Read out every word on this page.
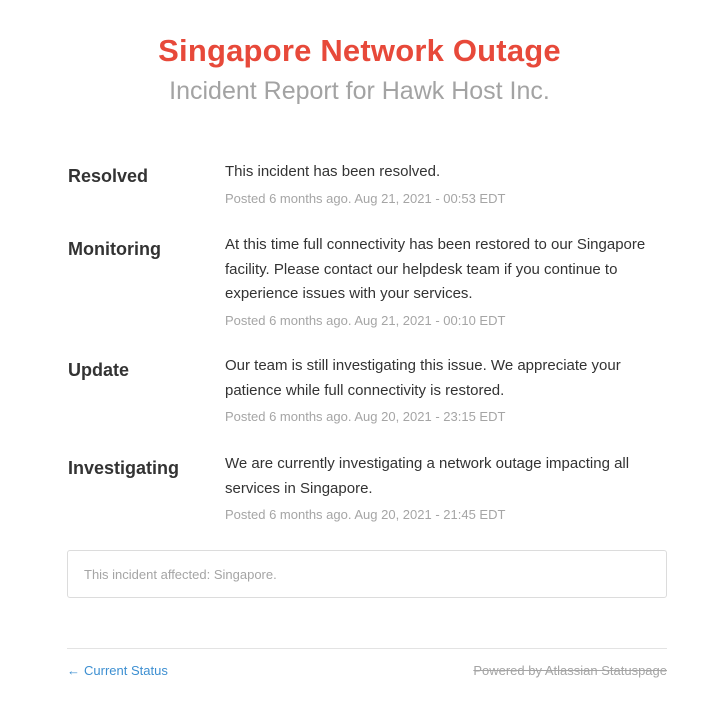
Singapore Network Outage
Incident Report for Hawk Host Inc.
Resolved	This incident has been resolved.
Posted 6 months ago. Aug 21, 2021 - 00:53 EDT
Monitoring	At this time full connectivity has been restored to our Singapore facility. Please contact our helpdesk team if you continue to experience issues with your services.
Posted 6 months ago. Aug 21, 2021 - 00:10 EDT
Update	Our team is still investigating this issue. We appreciate your patience while full connectivity is restored.
Posted 6 months ago. Aug 20, 2021 - 23:15 EDT
Investigating	We are currently investigating a network outage impacting all services in Singapore.
Posted 6 months ago. Aug 20, 2021 - 21:45 EDT
This incident affected: Singapore.
← Current Status	Powered by Atlassian Statuspage
